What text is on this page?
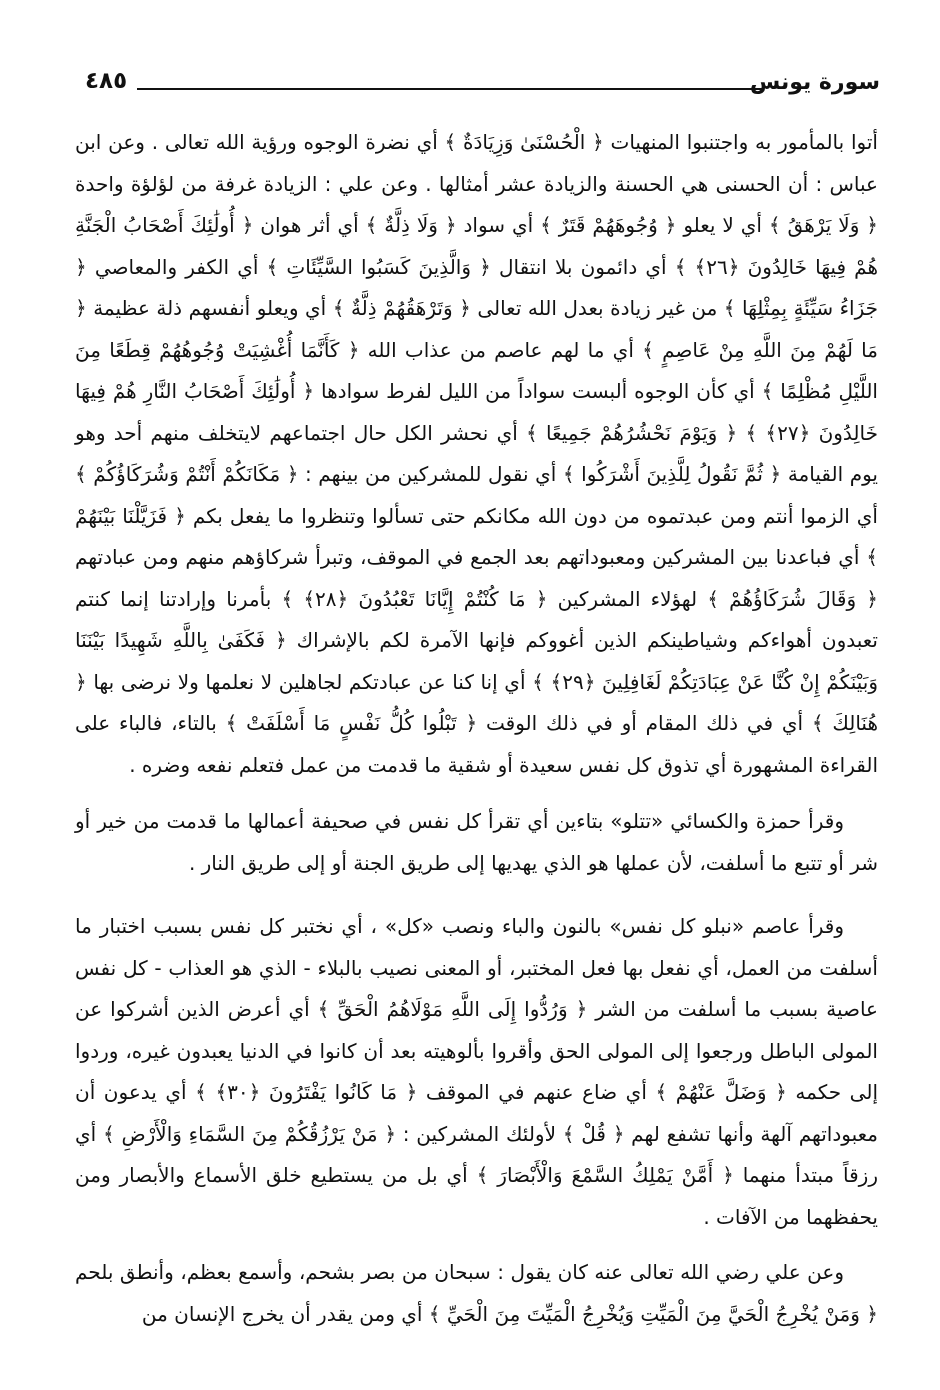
سورة يونس
٤٨٥

أتوا بالمأمور به واجتنبوا المنهيات ﴿ الْحُسْنَىٰ وَزِيَادَةٌ ﴾ أي نضرة الوجوه ورؤية الله تعالى . وعن ابن عباس : أن الحسنى هي الحسنة والزيادة عشر أمثالها . وعن علي : الزيادة غرفة من لؤلؤة واحدة ﴿ وَلَا يَرْهَقُ ﴾ أي لا يعلو ﴿ وُجُوهَهُمْ قَتَرٌ ﴾ أي سواد ﴿ وَلَا ذِلَّةٌ ﴾ أي أثر هوان ﴿ أُولَٰئِكَ أَصْحَابُ الْجَنَّةِ هُمْ فِيهَا خَالِدُونَ ﴿٢٦﴾ ﴾ أي دائمون بلا انتقال ﴿ وَالَّذِينَ كَسَبُوا السَّيِّئَاتِ ﴾ أي الكفر والمعاصي ﴿ جَزَاءُ سَيِّئَةٍ بِمِثْلِهَا ﴾ من غير زيادة بعدل الله تعالى ﴿ وَتَرْهَقُهُمْ ذِلَّةٌ ﴾ أي ويعلو أنفسهم ذلة عظيمة ﴿ مَا لَهُمْ مِنَ اللَّهِ مِنْ عَاصِمٍ ﴾ أي ما لهم عاصم من عذاب الله ﴿ كَأَنَّمَا أُغْشِيَتْ وُجُوهُهُمْ قِطَعًا مِنَ اللَّيْلِ مُظْلِمًا ﴾ أي كأن الوجوه ألبست سواداً من الليل لفرط سوادها ﴿ أُولَٰئِكَ أَصْحَابُ النَّارِ هُمْ فِيهَا خَالِدُونَ ﴿٢٧﴾ ﴾ ﴿ وَيَوْمَ نَحْشُرُهُمْ جَمِيعًا ﴾ أي نحشر الكل حال اجتماعهم لايتخلف منهم أحد وهو يوم القيامة ﴿ ثُمَّ نَقُولُ لِلَّذِينَ أَشْرَكُوا ﴾ أي نقول للمشركين من بينهم : ﴿ مَكَانَكُمْ أَنْتُمْ وَشُرَكَاؤُكُمْ ﴾ أي الزموا أنتم ومن عبدتموه من دون الله مكانكم حتى تسألوا وتنظروا ما يفعل بكم ﴿ فَزَيَّلْنَا بَيْنَهُمْ ﴾ أي فباعدنا بين المشركين ومعبوداتهم بعد الجمع في الموقف، وتبرأ شركاؤهم منهم ومن عبادتهم ﴿ وَقَالَ شُرَكَاؤُهُمْ ﴾ لهؤلاء المشركين ﴿ مَا كُنْتُمْ إِيَّانَا تَعْبُدُونَ ﴿٢٨﴾ ﴾ بأمرنا وإرادتنا إنما كنتم تعبدون أهواءكم وشياطينكم الذين أغووكم فإنها الآمرة لكم بالإشراك ﴿ فَكَفَىٰ بِاللَّهِ شَهِيدًا بَيْنَنَا وَبَيْنَكُمْ إِنْ كُنَّا عَنْ عِبَادَتِكُمْ لَغَافِلِينَ ﴿٢٩﴾ ﴾ أي إنا كنا عن عبادتكم لجاهلين لا نعلمها ولا نرضى بها ﴿ هُنَالِكَ ﴾ أي في ذلك المقام أو في ذلك الوقت ﴿ تَبْلُوا كُلُّ نَفْسٍ مَا أَسْلَفَتْ ﴾ بالتاء، فالباء على القراءة المشهورة أي تذوق كل نفس سعيدة أو شقية ما قدمت من عمل فتعلم نفعه وضره .

وقرأ حمزة والكسائي «تتلو» بتاءين أي تقرأ كل نفس في صحيفة أعمالها ما قدمت من خير أو شر أو تتبع ما أسلفت، لأن عملها هو الذي يهديها إلى طريق الجنة أو إلى طريق النار .

وقرأ عاصم «نبلو كل نفس» بالنون والباء ونصب «كل» ، أي نختبر كل نفس بسبب اختبار ما أسلفت من العمل، أي نفعل بها فعل المختبر، أو المعنى نصيب بالبلاء - الذي هو العذاب - كل نفس عاصية بسبب ما أسلفت من الشر ﴿ وَرُدُّوا إِلَى اللَّهِ مَوْلَاهُمُ الْحَقِّ ﴾ أي أعرض الذين أشركوا عن المولى الباطل ورجعوا إلى المولى الحق وأقروا بألوهيته بعد أن كانوا في الدنيا يعبدون غيره، وردوا إلى حكمه ﴿ وَضَلَّ عَنْهُمْ ﴾ أي ضاع عنهم في الموقف ﴿ مَا كَانُوا يَفْتَرُونَ ﴿٣٠﴾ ﴾ أي يدعون أن معبوداتهم آلهة وأنها تشفع لهم ﴿ قُلْ ﴾ لأولئك المشركين : ﴿ مَنْ يَرْزُقُكُمْ مِنَ السَّمَاءِ وَالْأَرْضِ ﴾ أي رزقاً مبتدأ منهما ﴿ أَمَّنْ يَمْلِكُ السَّمْعَ وَالْأَبْصَارَ ﴾ أي بل من يستطيع خلق الأسماع والأبصار ومن يحفظهما من الآفات .

وعن علي رضي الله تعالى عنه كان يقول : سبحان من بصر بشحم، وأسمع بعظم، وأنطق بلحم ﴿ وَمَنْ يُخْرِجُ الْحَيَّ مِنَ الْمَيِّتِ وَيُخْرِجُ الْمَيِّتَ مِنَ الْحَيِّ ﴾ أي ومن يقدر أن يخرج الإنسان من
